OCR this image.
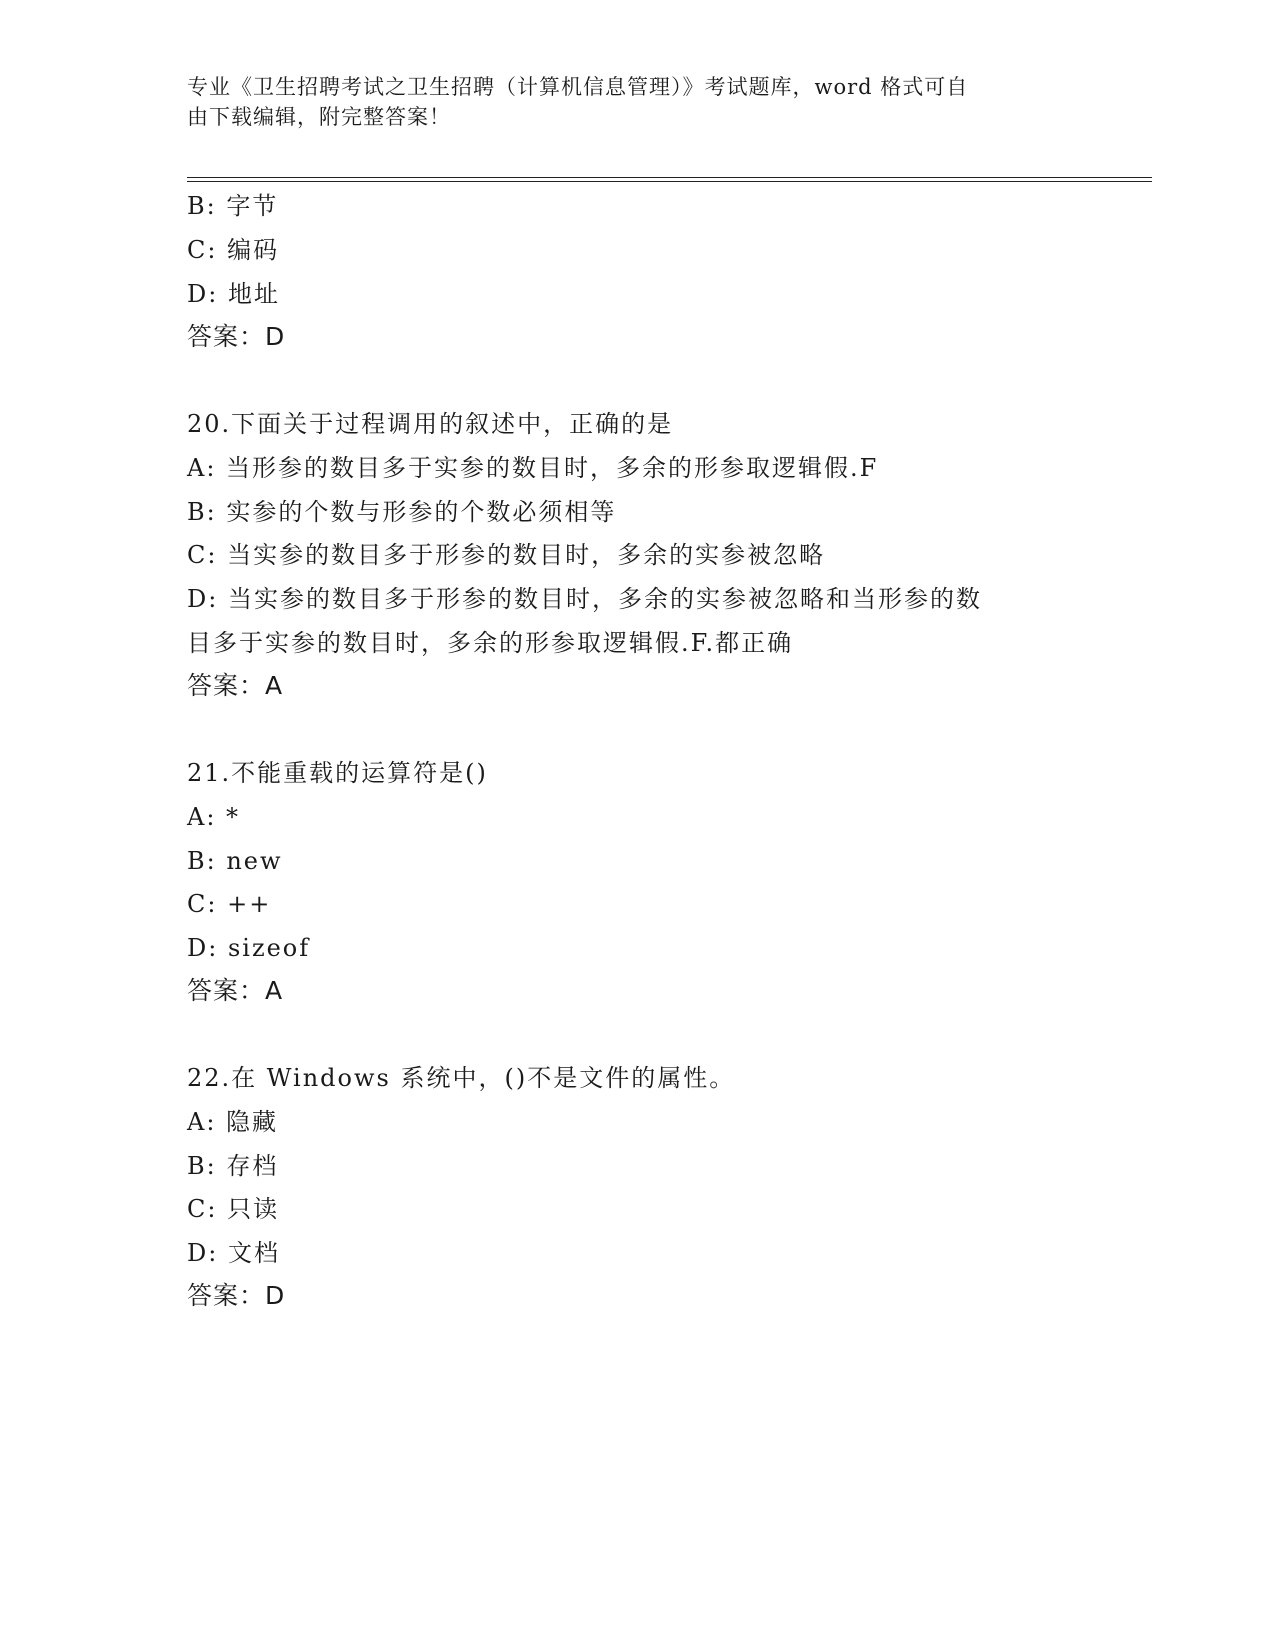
专业《卫生招聘考试之卫生招聘（计算机信息管理）》考试题库，word 格式可自
由下载编辑，附完整答案！
B: 字节
C: 编码
D: 地址
答案：D
20.下面关于过程调用的叙述中，正确的是
A: 当形参的数目多于实参的数目时，多余的形参取逻辑假.F
B: 实参的个数与形参的个数必须相等
C: 当实参的数目多于形参的数目时，多余的实参被忽略
D: 当实参的数目多于形参的数目时，多余的实参被忽略和当形参的数
目多于实参的数目时，多余的形参取逻辑假.F.都正确
答案：A
21.不能重载的运算符是()
A: *
B: new
C: ++
D: sizeof
答案：A
22.在 Windows 系统中，()不是文件的属性。
A: 隐藏
B: 存档
C: 只读
D: 文档
答案：D
